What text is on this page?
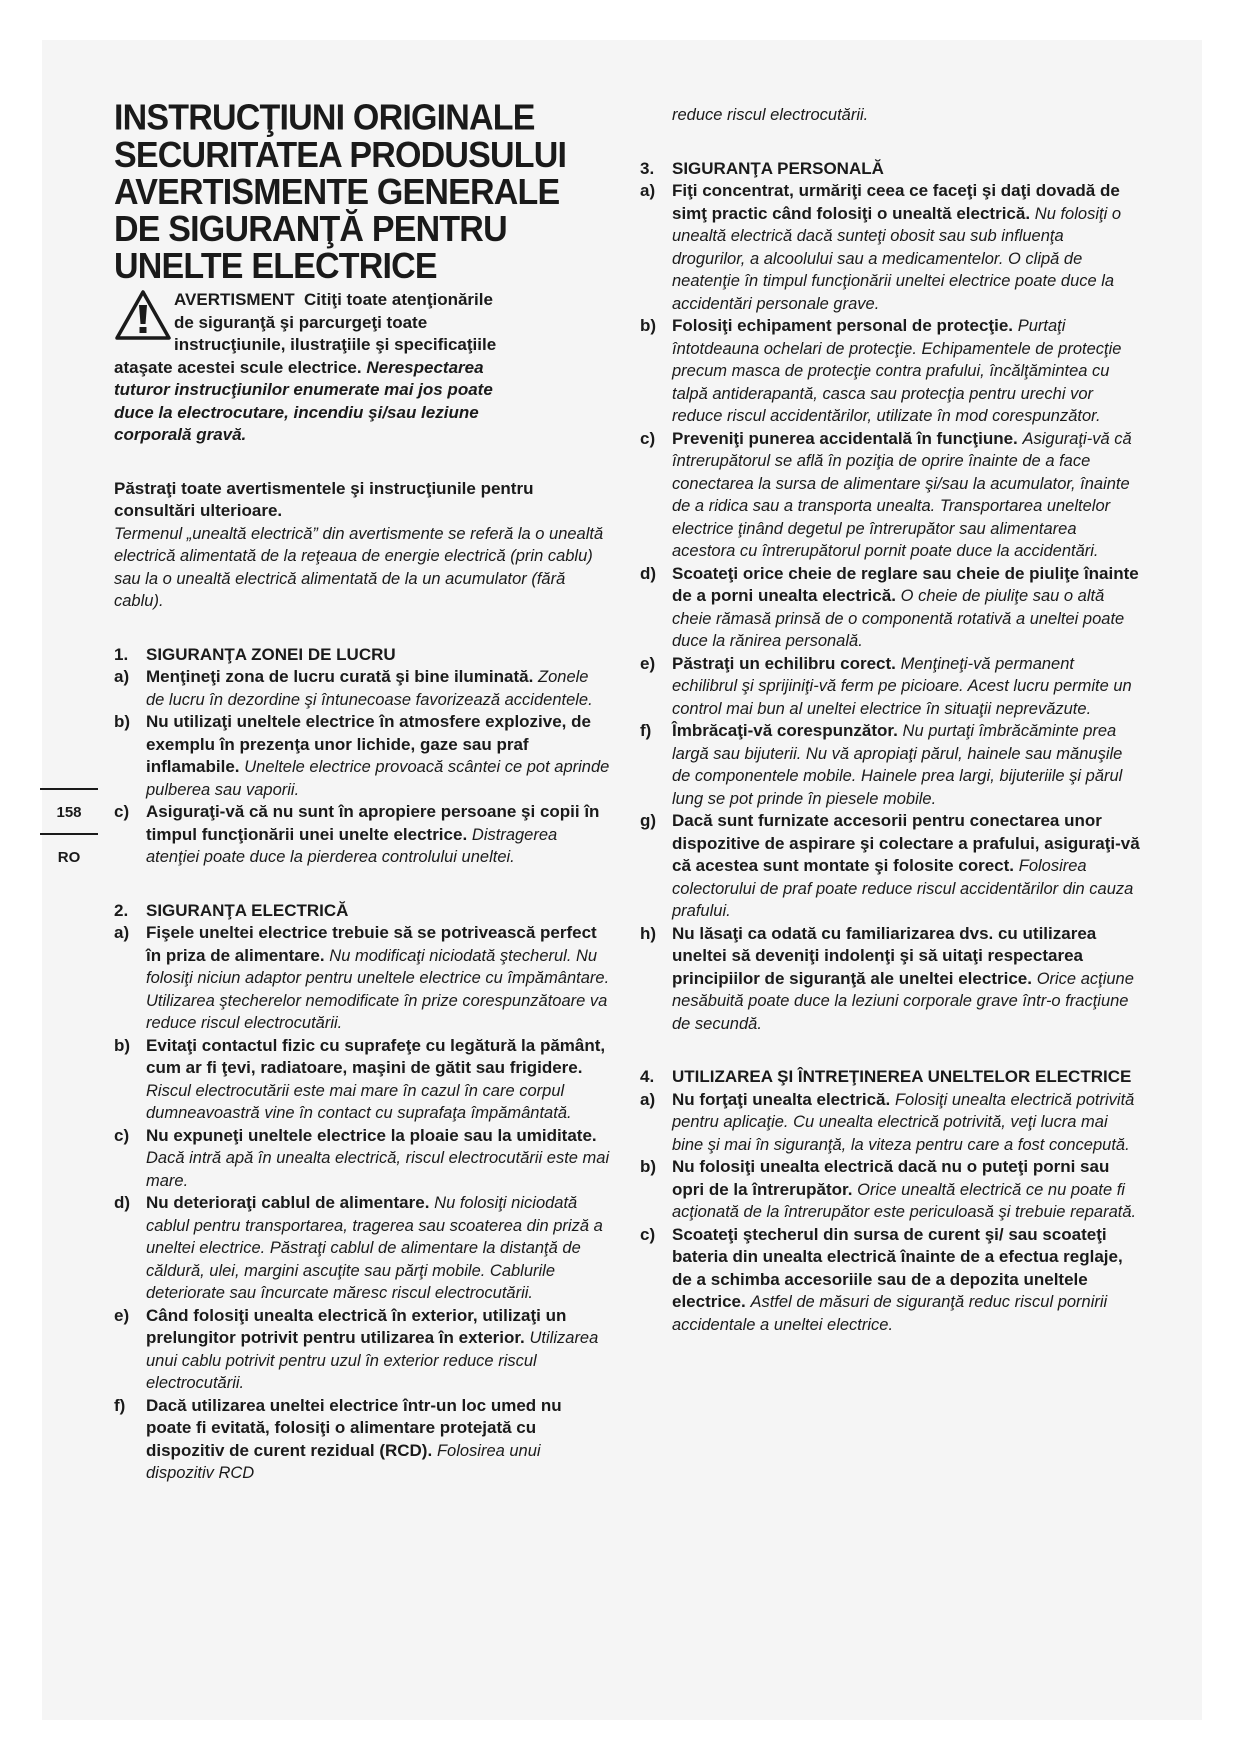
INSTRUCŢIUNI ORIGINALE
SECURITATEA PRODUSULUI
AVERTISMENTE GENERALE
DE SIGURANŢĂ PENTRU
UNELTE ELECTRICE
AVERTISMENT Citiţi toate atenţionările
de siguranţă şi parcurgeţi toate
instrucţiunile, ilustraţiile şi specificaţiile
ataşate acestei scule electrice. Nerespectarea
tuturor instrucţiunilor enumerate mai jos poate
duce la electrocutare, incendiu şi/sau leziune
corporală gravă.
Păstraţi toate avertismentele şi instrucţiunile pentru consultări ulterioare.
Termenul „unealtă electrică” din avertismente se referă la o unealtă electrică alimentată de la reţeaua de energie electrică (prin cablu) sau la o unealtă electrică alimentată de la un acumulator (fără cablu).
1.	SIGURANŢA ZONEI DE LUCRU
a) Menţineţi zona de lucru curată şi bine iluminată. Zonele de lucru în dezordine şi întunecoase favorizează accidentele.
b) Nu utilizaţi uneltele electrice în atmosfere explozive, de exemplu în prezenţa unor lichide, gaze sau praf inflamabile. Uneltele electrice provoacă scântei ce pot aprinde pulberea sau vaporii.
c) Asiguraţi-vă că nu sunt în apropiere persoane şi copii în timpul funcţionării unei unelte electrice. Distragerea atenţiei poate duce la pierderea controlului uneltei.
2.	SIGURANŢA ELECTRICĂ
a) Fişele uneltei electrice trebuie să se potrivească perfect în priza de alimentare. Nu modificaţi niciodată ştecherul. Nu folosiţi niciun adaptor pentru uneltele electrice cu împământare. Utilizarea ştecherelor nemodificate în prize corespunzătoare va reduce riscul electrocutării.
b) Evitaţi contactul fizic cu suprafeţe cu legătură la pământ, cum ar fi ţevi, radiatoare, maşini de gătit sau frigidere. Riscul electrocutării este mai mare în cazul în care corpul dumneavoastră vine în contact cu suprafaţa împământată.
c) Nu expuneţi uneltele electrice la ploaie sau la umiditate. Dacă intră apă în unealta electrică, riscul electrocutării este mai mare.
d) Nu deterioraţi cablul de alimentare. Nu folosiţi niciodată cablul pentru transportarea, tragerea sau scoaterea din priză a uneltei electrice. Păstraţi cablul de alimentare la distanţă de căldură, ulei, margini ascuţite sau părţi mobile. Cablurile deteriorate sau încurcate măresc riscul electrocutării.
e) Când folosiţi unealta electrică în exterior, utilizaţi un prelungitor potrivit pentru utilizarea în exterior. Utilizarea unui cablu potrivit pentru uzul în exterior reduce riscul electrocutării.
f)	Dacă utilizarea uneltei electrice într-un loc umed nu poate fi evitată, folosiţi o alimentare protejată cu dispozitiv de curent rezidual (RCD). Folosirea unui dispozitiv RCD
reduce riscul electrocutării.
3.	SIGURANŢA PERSONALĂ
a) Fiţi concentrat, urmăriţi ceea ce faceţi şi daţi dovadă de simţ practic când folosiţi o unealtă electrică. Nu folosiţi o unealtă electrică dacă sunteţi obosit sau sub influenţa drogurilor, a alcoolului sau a medicamentelor. O clipă de neatenţie în timpul funcţionării uneltei electrice poate duce la accidentări personale grave.
b) Folosiţi echipament personal de protecţie. Purtaţi întotdeauna ochelari de protecţie. Echipamentele de protecţie precum masca de protecţie contra prafului, încălţămintea cu talpă antiderapantă, casca sau protecţia pentru urechi vor reduce riscul accidentărilor, utilizate în mod corespunzător.
c) Preveniţi punerea accidentală în funcţiune. Asiguraţi-vă că întrerupătorul se află în poziţia de oprire înainte de a face conectarea la sursa de alimentare şi/sau la acumulator, înainte de a ridica sau a transporta unealta. Transportarea uneltelor electrice ţinând degetul pe întrerupător sau alimentarea acestora cu întrerupătorul pornit poate duce la accidentări.
d) Scoateţi orice cheie de reglare sau cheie de piuliţe înainte de a porni unealta electrică. O cheie de piuliţe sau o altă cheie rămasă prinsă de o componentă rotativă a uneltei poate duce la rănirea personală.
e) Păstraţi un echilibru corect. Menţineţi-vă permanent echilibrul şi sprijiniţi-vă ferm pe picioare. Acest lucru permite un control mai bun al uneltei electrice în situaţii neprevăzute.
f)	Îmbrăcaţi-vă corespunzător. Nu purtaţi îmbrăcăminte prea largă sau bijuterii. Nu vă apropiaţi părul, hainele sau mănuşile de componentele mobile. Hainele prea largi, bijuteriile şi părul lung se pot prinde în piesele mobile.
g) Dacă sunt furnizate accesorii pentru conectarea unor dispozitive de aspirare şi colectare a prafului, asiguraţi-vă că acestea sunt montate şi folosite corect. Folosirea colectorului de praf poate reduce riscul accidentărilor din cauza prafului.
h) Nu lăsaţi ca odată cu familiarizarea dvs. cu utilizarea uneltei să deveniţi indolenţi şi să uitaţi respectarea principiilor de siguranţă ale uneltei electrice. Orice acţiune nesăbuită poate duce la leziuni corporale grave într-o fracţiune de secundă.
4.	UTILIZAREA ŞI ÎNTREŢINEREA UNELTELOR ELECTRICE
a) Nu forţaţi unealta electrică. Folosiţi unealta electrică potrivită pentru aplicaţie. Cu unealta electrică potrivită, veţi lucra mai bine şi mai în siguranţă, la viteza pentru care a fost concepută.
b) Nu folosiţi unealta electrică dacă nu o puteţi porni sau opri de la întrerupător. Orice unealtă electrică ce nu poate fi acţionată de la întrerupător este periculoasă şi trebuie reparată.
c) Scoateţi ştecherul din sursa de curent şi/ sau scoateţi bateria din unealta electrică înainte de a efectua reglaje, de a schimba accesoriile sau de a depozita uneltele electrice. Astfel de măsuri de siguranţă reduc riscul pornirii accidentale a uneltei electrice.
158
RO
